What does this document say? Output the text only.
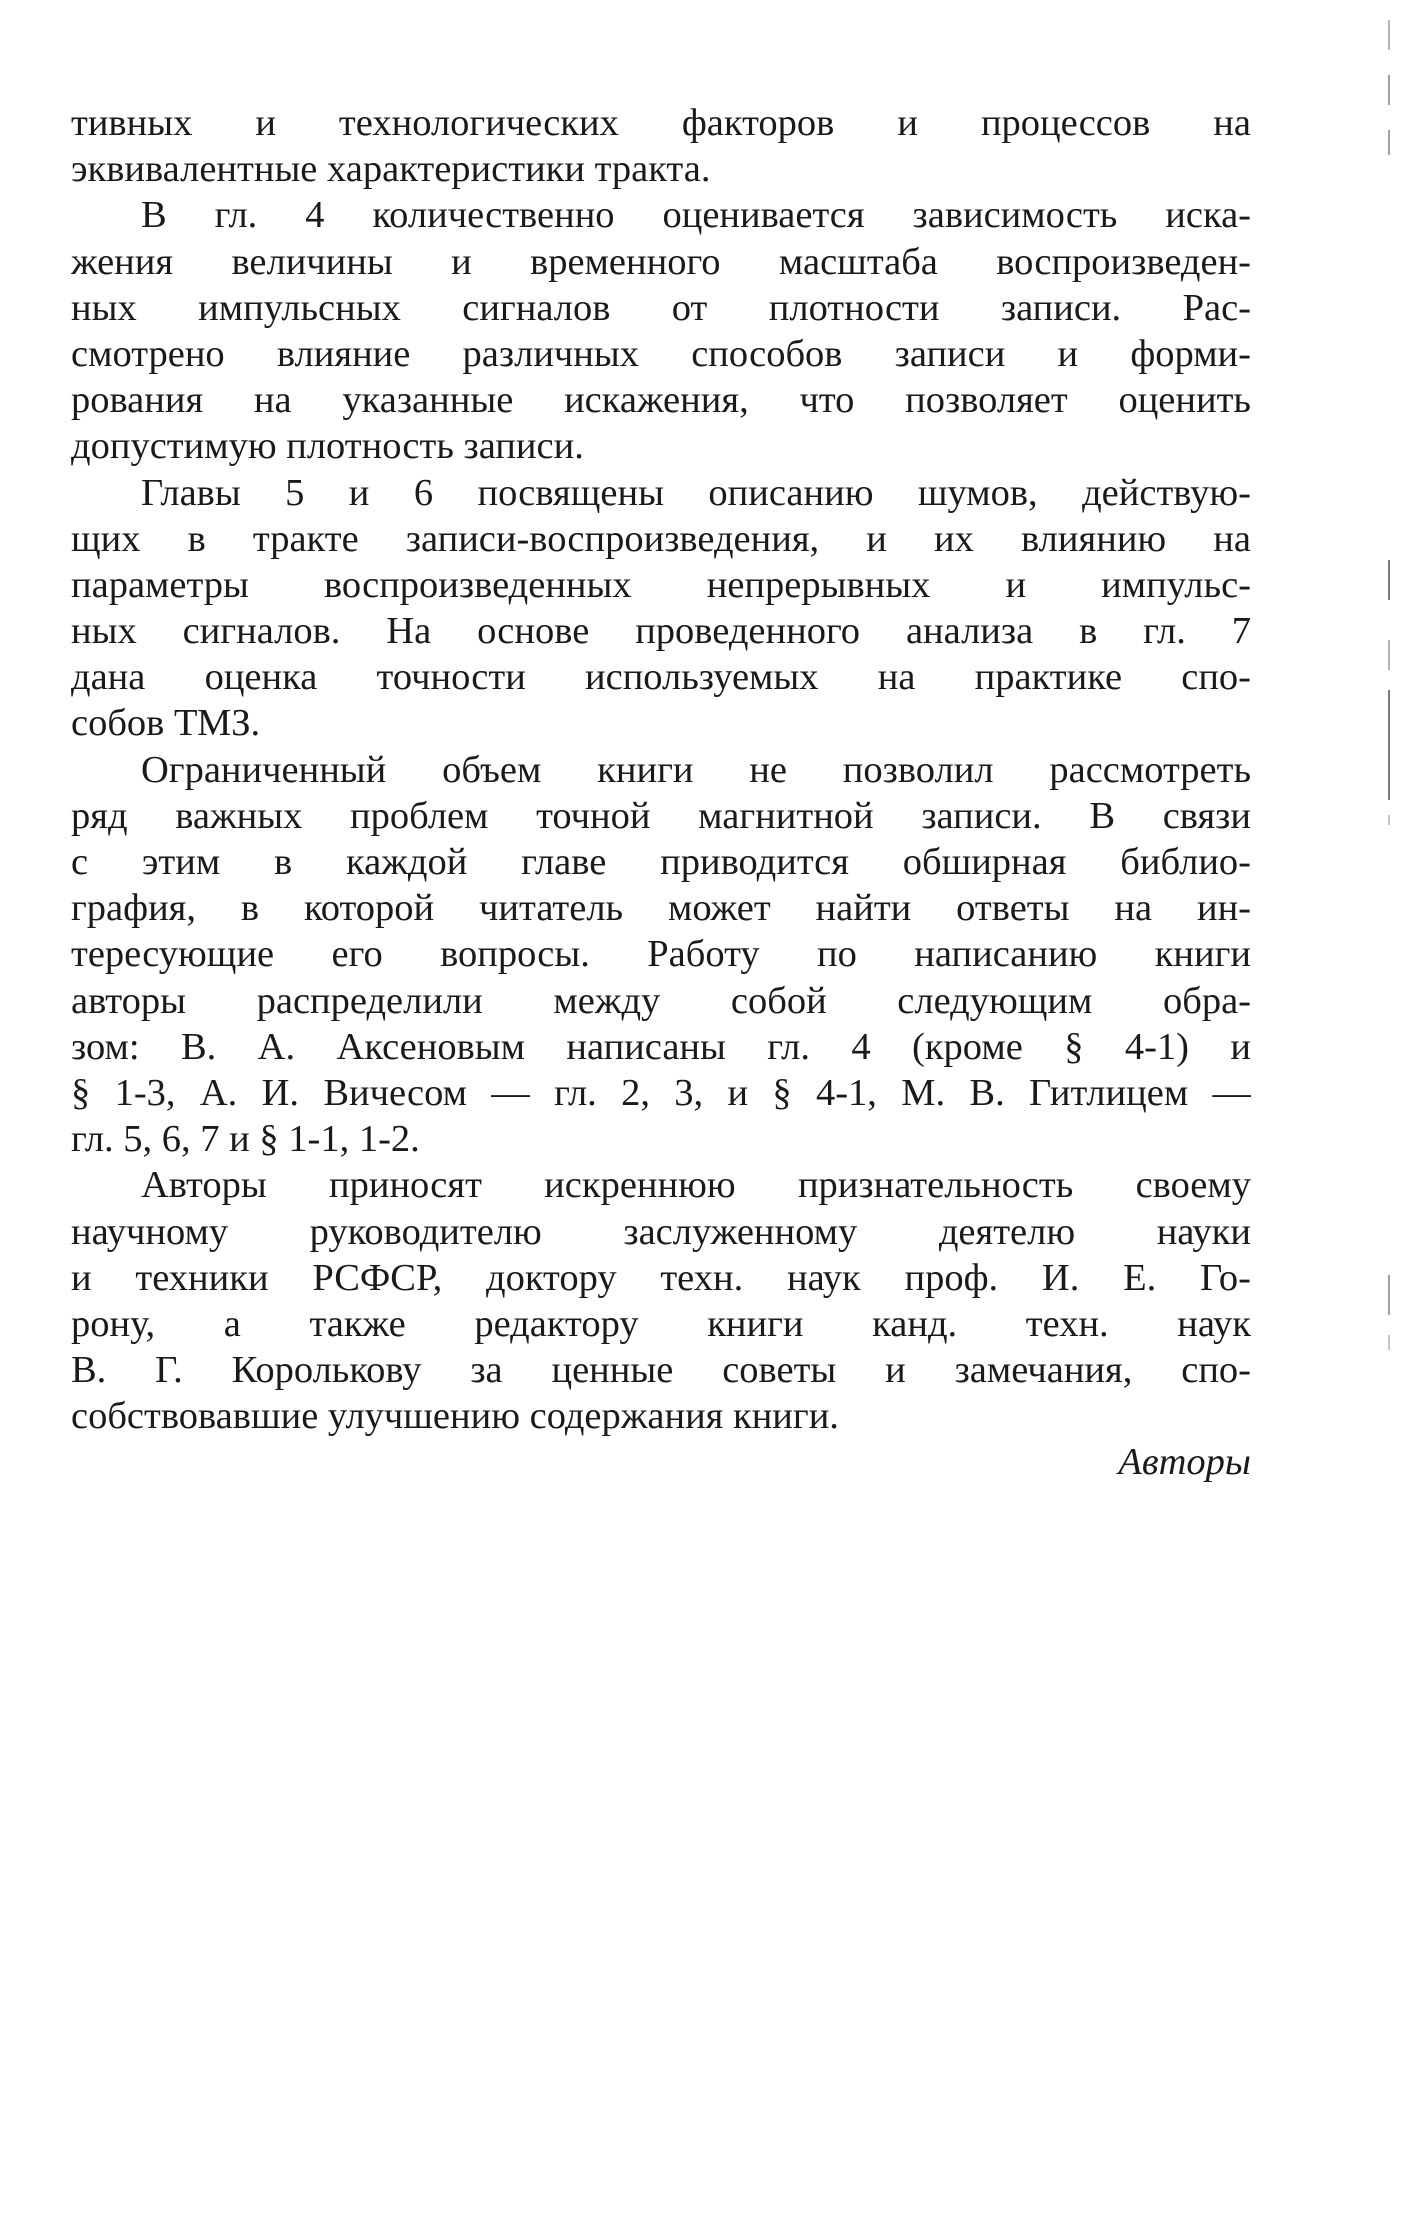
тивных и технологических факторов и процессов на
эквивалентные характеристики тракта.
В гл. 4 количественно оценивается зависимость иска-
жения величины и временного масштаба воспроизведен-
ных импульсных сигналов от плотности записи. Рас-
смотрено влияние различных способов записи и форми-
рования на указанные искажения, что позволяет оценить
допустимую плотность записи.
Главы 5 и 6 посвящены описанию шумов, действую-
щих в тракте записи-воспроизведения, и их влиянию на
параметры воспроизведенных непрерывных и импульс-
ных сигналов. На основе проведенного анализа в гл. 7
дана оценка точности используемых на практике спо-
собов ТМЗ.
Ограниченный объем книги не позволил рассмотреть
ряд важных проблем точной магнитной записи. В связи
с этим в каждой главе приводится обширная библио-
графия, в которой читатель может найти ответы на ин-
тересующие его вопросы. Работу по написанию книги
авторы распределили между собой следующим обра-
зом: В. А. Аксеновым написаны гл. 4 (кроме § 4-1) и
§ 1-3, А. И. Вичесом — гл. 2, 3, и § 4-1, М. В. Гитлицем —
гл. 5, 6, 7 и § 1-1, 1-2.
Авторы приносят искреннюю признательность своему
научному руководителю заслуженному деятелю науки
и техники РСФСР, доктору техн. наук проф. И. Е. Го-
рону, а также редактору книги канд. техн. наук
В. Г. Королькову за ценные советы и замечания, спо-
собствовавшие улучшению содержания книги.
Авторы
